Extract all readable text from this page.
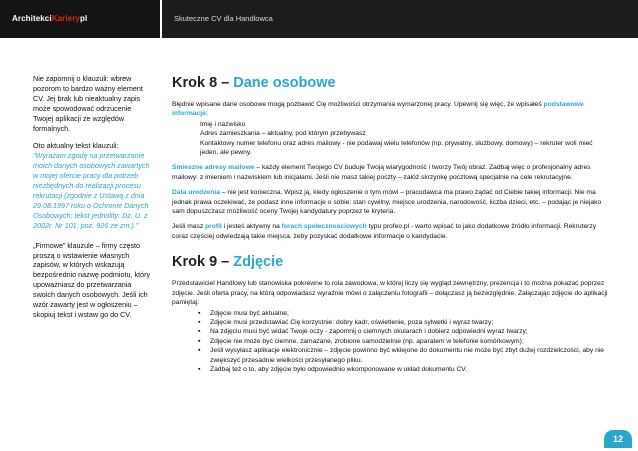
ArchitekciKarierypl	Skuteczne CV dla Handlowca

Nie zapomnij o klauzuli: wbrew pozorom to bardzo ważny element CV. Jej brak lub nieaktualny zapis może spowodować odrzucenie Twojej aplikacji ze względów formalnych.

Oto aktualny tekst klauzuli:
"Wyrażam zgodę na przetwarzanie moich danych osobowych zawartych w mojej ofercie pracy dla potrzeb niezbędnych do realizacji procesu rekrutacji (zgodnie z Ustawą z dnia 29.08.1997 roku o Ochronie Danych Osobowych; tekst jednolity: Dz. U. z 2002r. Nr 101, poz. 926 ze zm.)."

„Firmowe” klauzule – firmy często proszą o wstawienie własnych zapisów, w których wskazują bezpośrednio nazwę podmiotu, który upoważniasz do przetwarzania swoich danych osobowych. Jeśli ich wzór zawarty jest w ogłoszeniu – skopiuj tekst i wstaw go do CV.

Krok 8 – Dane osobowe

Błędnie wpisane dane osobowe mogą pozbawić Cię możliwości otrzymania wymarzonej pracy. Upewnij się więc, że wpisałeś podstawowe informacje:

Imię i nazwisko
Adres zamieszkania – aktualny, pod którym przebywasz
Kontaktowy numer telefonu oraz adres mailowy - nie podawaj wielu telefonów (np. prywatny, służbowy, domowy) – rekruter woli mieć jeden, ale pewny.

Śmieszne adresy mailowe – każdy element Twojego CV buduje Twoją wiarygodność i tworzy Twój obraz. Zadbaj więc o profesjonalny adres mailowy: z imieniem i nazwiskiem lub inicjałami. Jeśli nie masz takiej poczty – załóż skrzynkę pocztową specjalnie na cele rekrutacyjne.

Data urodzenia – nie jest konieczna. Wpisz ją, kiedy ogłoszenie o tym mówi – pracodawca ma prawo żądać od Ciebie takiej informacji. Nie ma jednak prawa oczekiwać, że podasz inne informacje o sobie: stan cywilny, miejsce urodzenia, narodowość, liczba dzieci, etc. – podając je niejako sam dopuszczasz możliwość oceny Twojej kandydatury poprzez te kryteria.

Jeśli masz profil i jesteś aktywny na forach społecznościowych typu profeo.pl - warto wpisać to jako dodatkowe źródło informacji. Rekruterzy coraz częściej odwiedzają takie miejsca, żeby pozyskać dodatkowe informacje o kandydacie.

Krok 9 – Zdjęcie

Przedstawiciel Handlowy lub stanowiska pokrewne to rola zawodowa, w której liczy się wygląd zewnętrzny, prezencja i to można pokazać poprzez zdjęcie. Jeśli oferta pracy, na którą odpowiadasz wyraźnie mówi o załączeniu fotografii – dołączasz ją bezwzględnie. Załączając zdjęcie do aplikacji pamiętaj:

▪ Zdjęcie musi być aktualne;
▪ Zdjęcie musi przedstawiać Cię korzystnie: dobry kadr, oświetlenie, poza sylwetki i wyraz twarzy;
▪ Na zdjęciu musi być widać Twoje oczy - zapomnij o ciemnych okularach i dobierz odpowiedni wyraz twarzy;
▪ Zdjęcie nie może być ciemne, zamazane, zrobione samodzielnie (np. aparatem w telefonie komórkowym);
▪ Jeśli wysyłasz aplikacje elektronicznie – zdjęcie powinno być wklejone do dokumentu nie może być zbyt dużej rozdzielczości, aby nie zwiększyć przesadnie wielkości przesyłanego pliku.
▪ Zadbaj też o to, aby zdjęcie było odpowiednio wkomponowane w układ dokumentu CV.
12
